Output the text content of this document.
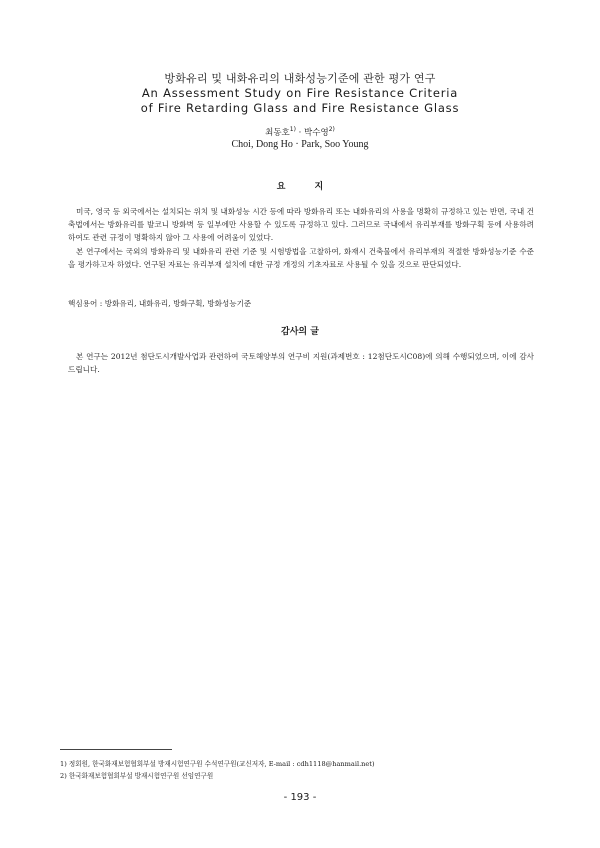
방화유리 및 내화유리의 내화성능기준에 관한 평가 연구
An Assessment Study on Fire Resistance Criteria
of Fire Retarding Glass and Fire Resistance Glass
최동호$^{1)}$ · 박수영$^{2)}$
Choi, Dong Ho · Park, Soo Young
요 지

미국, 영국 등 외국에서는 설치되는 위치 및 내화성능 시간 등에 따라 방화유리 또는 내화유리의 사용을 명확히 규정하고 있는 반면, 국내 건축법에서는 방화유리를 발코니 방화벽 등 일부에만 사용할 수 있도록 규정하고 있다. 그러므로 국내에서 유리부재를 방화구획 등에 사용하려 하여도 관련 규정이 명확하지 않아 그 사용에 어려움이 있었다.

본 연구에서는 국외의 방화유리 및 내화유리 관련 기준 및 시험방법을 고찰하여, 화재시 건축물에서 유리부재의 적절한 방화성능기준 수준을 평가하고자 하였다. 연구된 자료는 유리부재 설치에 대한 규정 개정의 기초자료로 사용될 수 있을 것으로 판단되었다.

핵심용어 : 방화유리, 내화유리, 방화구획, 방화성능기준
감사의 글

본 연구는 2012년 첨단도시개발사업과 관련하여 국토해양부의 연구비 지원(과제번호 : 12첨단도시C08)에 의해 수행되었으며, 이에 감사드립니다.

1) 정회원, 한국화재보험협회부설 방재시험연구원 수석연구원(교신저자, E-mail : cdh1118@hanmail.net)
2) 한국화재보험협회부설 방재시험연구원 선임연구원
- 193 -
